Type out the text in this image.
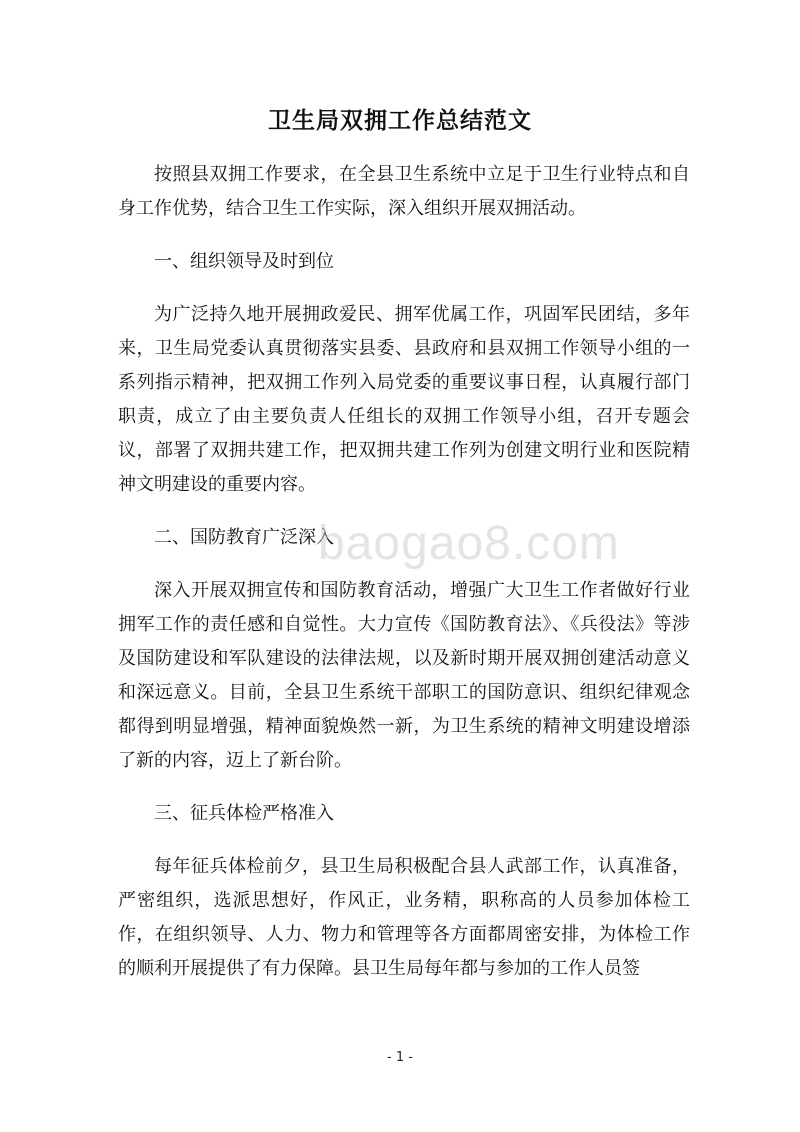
卫生局双拥工作总结范文

按照县双拥工作要求，在全县卫生系统中立足于卫生行业特点和自身工作优势，结合卫生工作实际，深入组织开展双拥活动。

一、组织领导及时到位

为广泛持久地开展拥政爱民、拥军优属工作，巩固军民团结，多年来，卫生局党委认真贯彻落实县委、县政府和县双拥工作领导小组的一系列指示精神，把双拥工作列入局党委的重要议事日程，认真履行部门职责，成立了由主要负责人任组长的双拥工作领导小组，召开专题会议，部署了双拥共建工作，把双拥共建工作列为创建文明行业和医院精神文明建设的重要内容。

二、国防教育广泛深入

深入开展双拥宣传和国防教育活动，增强广大卫生工作者做好行业拥军工作的责任感和自觉性。大力宣传《国防教育法》、《兵役法》等涉及国防建设和军队建设的法律法规，以及新时期开展双拥创建活动意义和深远意义。目前，全县卫生系统干部职工的国防意识、组织纪律观念都得到明显增强，精神面貌焕然一新，为卫生系统的精神文明建设增添了新的内容，迈上了新台阶。

三、征兵体检严格准入

每年征兵体检前夕，县卫生局积极配合县人武部工作，认真准备，严密组织，选派思想好，作风正，业务精，职称高的人员参加体检工作，在组织领导、人力、物力和管理等各方面都周密安排，为体检工作的顺利开展提供了有力保障。县卫生局每年都与参加的工作人员签

baogao8.com
- 1 -
